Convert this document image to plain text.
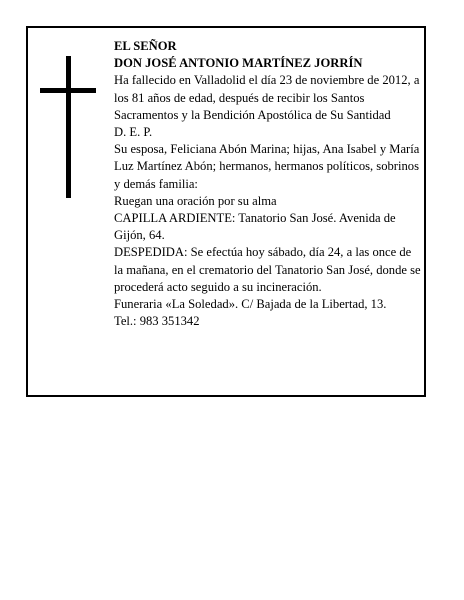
EL SEÑOR

DON JOSÉ ANTONIO MARTÍNEZ JORRÍN

Ha fallecido en Valladolid el día 23 de noviembre de 2012, a los 81 años de edad, después de recibir los Santos Sacramentos y la Bendición Apostólica de Su Santidad

D. E. P.

Su esposa, Feliciana Abón Marina; hijas, Ana Isabel y María Luz Martínez Abón; hermanos, hermanos políticos, sobrinos y demás familia:

Ruegan una oración por su alma

CAPILLA ARDIENTE: Tanatorio San José. Avenida de Gijón, 64.

DESPEDIDA: Se efectúa hoy sábado, día 24, a las once de la mañana, en el crematorio del Tanatorio San José, donde se procederá acto seguido a su incineración.

Funeraria «La Soledad». C/ Bajada de la Libertad, 13.

Tel.: 983 351342
